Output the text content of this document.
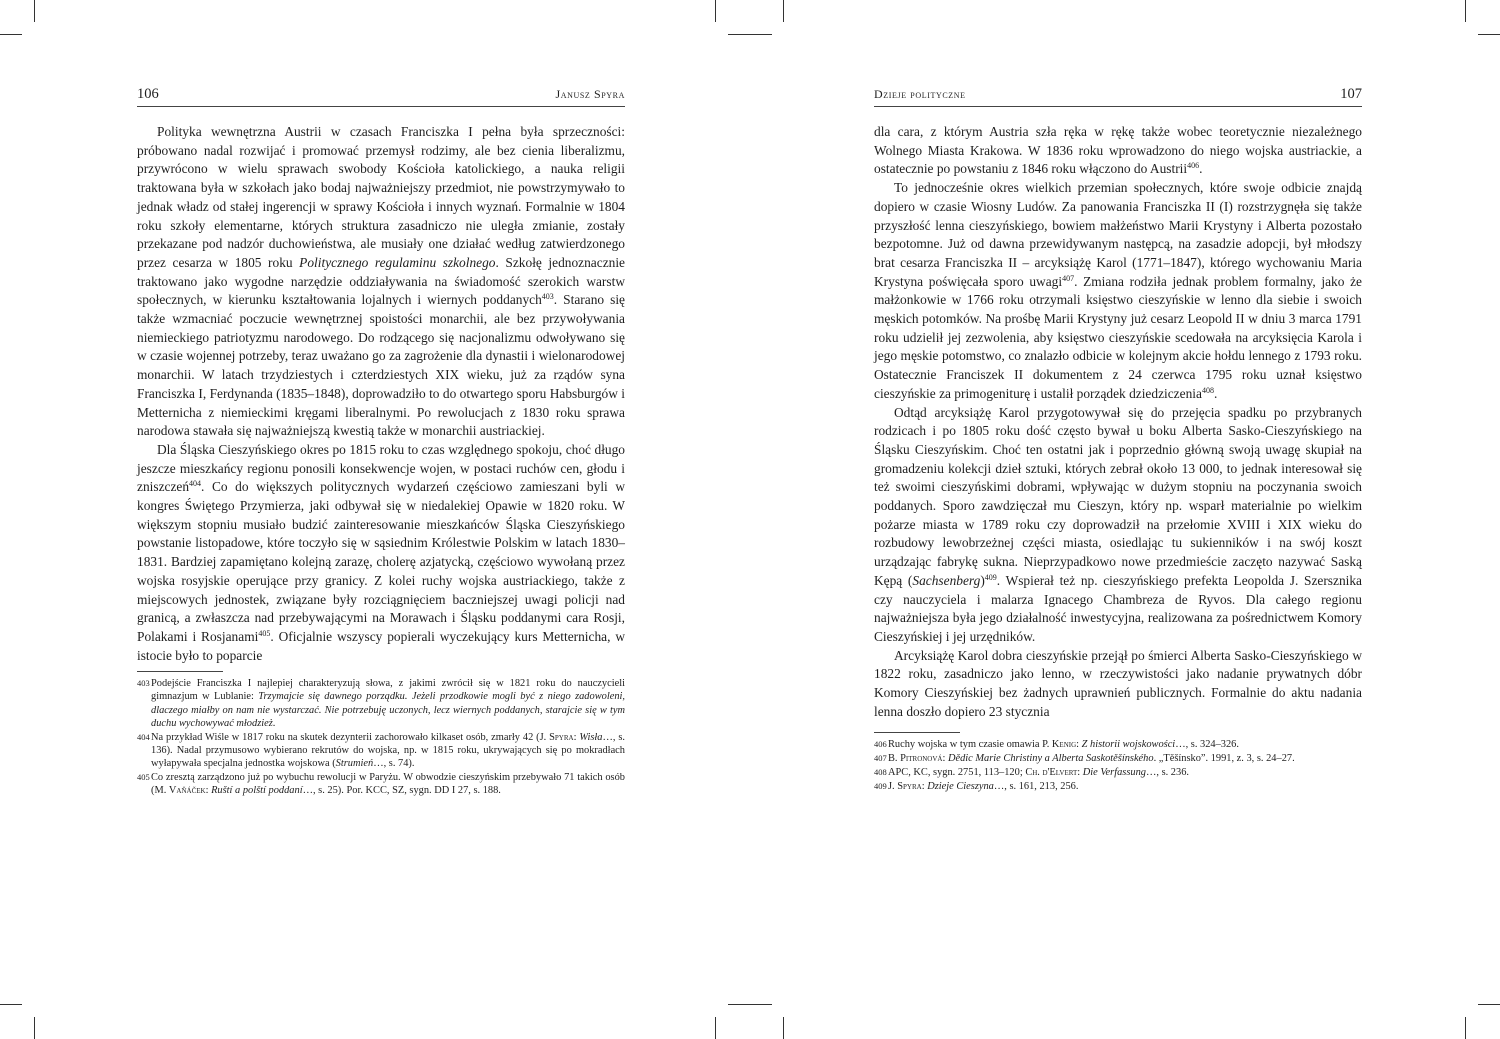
106	Janusz Spyra

Polityka wewnętrzna Austrii w czasach Franciszka I pełna była sprzeczności: próbowano nadal rozwijać i promować przemysł rodzimy, ale bez cienia liberalizmu, przywrócono w wielu sprawach swobody Kościoła katolickiego, a nauka religii traktowana była w szkołach jako bodaj najważniejszy przedmiot, nie powstrzymywało to jednak władz od stałej ingerencji w sprawy Kościoła i innych wyznań. Formalnie w 1804 roku szkoły elementarne, których struktura zasadniczo nie uległa zmianie, zostały przekazane pod nadzór duchowieństwa, ale musiały one działać według zatwierdzonego przez cesarza w 1805 roku Politycznego regulaminu szkolnego. Szkołę jednoznacznie traktowano jako wygodne narzędzie oddziaływania na świadomość szerokich warstw społecznych, w kierunku kształtowania lojalnych i wiernych poddanych$^{403}$. Starano się także wzmacniać poczucie wewnętrznej spoistości monarchii, ale bez przywoływania niemieckiego patriotyzmu narodowego. Do rodzącego się nacjonalizmu odwoływano się w czasie wojennej potrzeby, teraz uważano go za zagrożenie dla dynastii i wielonarodowej monarchii. W latach trzydziestych i czterdziestych XIX wieku, już za rządów syna Franciszka I, Ferdynanda (1835–1848), doprowadziło to do otwartego sporu Habsburgów i Metternicha z niemieckimi kręgami liberalnymi. Po rewolucjach z 1830 roku sprawa narodowa stawała się najważniejszą kwestią także w monarchii austriackiej.

Dla Śląska Cieszyńskiego okres po 1815 roku to czas względnego spokoju, choć długo jeszcze mieszkańcy regionu ponosili konsekwencje wojen, w postaci ruchów cen, głodu i zniszczeń$^{404}$. Co do większych politycznych wydarzeń częściowo zamieszani byli w kongres Świętego Przymierza, jaki odbywał się w niedalekiej Opawie w 1820 roku. W większym stopniu musiało budzić zainteresowanie mieszkańców Śląska Cieszyńskiego powstanie listopadowe, które toczyło się w sąsiednim Królestwie Polskim w latach 1830–1831. Bardziej zapamiętano kolejną zarazę, cholerę azjatycką, częściowo wywołaną przez wojska rosyjskie operujące przy granicy. Z kolei ruchy wojska austriackiego, także z miejscowych jednostek, związane były rozciągnięciem baczniejszej uwagi policji nad granicą, a zwłaszcza nad przebywającymi na Morawach i Śląsku poddanymi cara Rosji, Polakami i Rosjanami$^{405}$. Oficjalnie wszyscy popierali wyczekujący kurs Metternicha, w istocie było to poparcie

403 Podejście Franciszka I najlepiej charakteryzują słowa, z jakimi zwrócił się w 1821 roku do nauczycieli gimnazjum w Lublanie: Trzymajcie się dawnego porządku. Jeżeli przodkowie mogli być z niego zadowoleni, dlaczego miałby on nam nie wystarczać. Nie potrzebuję uczonych, lecz wiernych poddanych, starajcie się w tym duchu wychowywać młodzież.
404 Na przykład Wiśle w 1817 roku na skutek dezynterii zachorowało kilkaset osób, zmarły 42 (J. Spyra: Wisła…, s. 136). Nadal przymusowo wybierano rekrutów do wojska, np. w 1815 roku, ukrywających się po mokradłach wyłapywała specjalna jednostka wojskowa (Strumień…, s. 74).
405 Co zresztą zarządzono już po wybuchu rewolucji w Paryżu. W obwodzie cieszyńskim przebywało 71 takich osób (M. Vaňáček: Ruští a polští poddaní…, s. 25). Por. KCC, SZ, sygn. DD I 27, s. 188.
Dzieje polityczne	107

dla cara, z którym Austria szła ręka w rękę także wobec teoretycznie niezależnego Wolnego Miasta Krakowa. W 1836 roku wprowadzono do niego wojska austriackie, a ostatecznie po powstaniu z 1846 roku włączono do Austrii$^{406}$.

To jednocześnie okres wielkich przemian społecznych, które swoje odbicie znajdą dopiero w czasie Wiosny Ludów. Za panowania Franciszka II (I) rozstrzygnęła się także przyszłość lenna cieszyńskiego, bowiem małżeństwo Marii Krystyny i Alberta pozostało bezpotomne. Już od dawna przewidywanym następcą, na zasadzie adopcji, był młodszy brat cesarza Franciszka II – arcyksiążę Karol (1771–1847), którego wychowaniu Maria Krystyna poświęcała sporo uwagi$^{407}$. Zmiana rodziła jednak problem formalny, jako że małżonkowie w 1766 roku otrzymali księstwo cieszyńskie w lenno dla siebie i swoich męskich potomków. Na prośbę Marii Krystyny już cesarz Leopold II w dniu 3 marca 1791 roku udzielił jej zezwolenia, aby księstwo cieszyńskie scedowała na arcyksięcia Karola i jego męskie potomstwo, co znalazło odbicie w kolejnym akcie hołdu lennego z 1793 roku. Ostatecznie Franciszek II dokumentem z 24 czerwca 1795 roku uznał księstwo cieszyńskie za primogeniturę i ustalił porządek dziedziczenia$^{408}$.

Odtąd arcyksiążę Karol przygotowywał się do przejęcia spadku po przybranych rodzicach i po 1805 roku dość często bywał u boku Alberta Sasko-Cieszyńskiego na Śląsku Cieszyńskim. Choć ten ostatni jak i poprzednio główną swoją uwagę skupiał na gromadzeniu kolekcji dzieł sztuki, których zebrał około 13 000, to jednak interesował się też swoimi cieszyńskimi dobrami, wpływając w dużym stopniu na poczynania swoich poddanych. Sporo zawdzięczał mu Cieszyn, który np. wsparł materialnie po wielkim pożarze miasta w 1789 roku czy doprowadził na przełomie XVIII i XIX wieku do rozbudowy lewobrzeżnej części miasta, osiedlając tu sukienników i na swój koszt urządzając fabrykę sukna. Nieprzypadkowo nowe przedmieście zaczęto nazywać Saską Kępą (Sachsenberg)$^{409}$. Wspierał też np. cieszyńskiego prefekta Leopolda J. Szersznika czy nauczyciela i malarza Ignacego Chambreza de Ryvos. Dla całego regionu najważniejsza była jego działalność inwestycyjna, realizowana za pośrednictwem Komory Cieszyńskiej i jej urzędników.

Arcyksiążę Karol dobra cieszyńskie przejął po śmierci Alberta Sasko-Cieszyńskiego w 1822 roku, zasadniczo jako lenno, w rzeczywistości jako nadanie prywatnych dóbr Komory Cieszyńskiej bez żadnych uprawnień publicznych. Formalnie do aktu nadania lenna doszło dopiero 23 stycznia

406 Ruchy wojska w tym czasie omawia P. Kenig: Z historii wojskowości…, s. 324–326.
407 B. Pitronová: Dědic Marie Christiny a Alberta Saskotěšínského. „Těšínsko”. 1991, z. 3, s. 24–27.
408 APC, KC, sygn. 2751, 113–120; Ch. d'Elvert: Die Verfassung…, s. 236.
409 J. Spyra: Dzieje Cieszyna…, s. 161, 213, 256.
